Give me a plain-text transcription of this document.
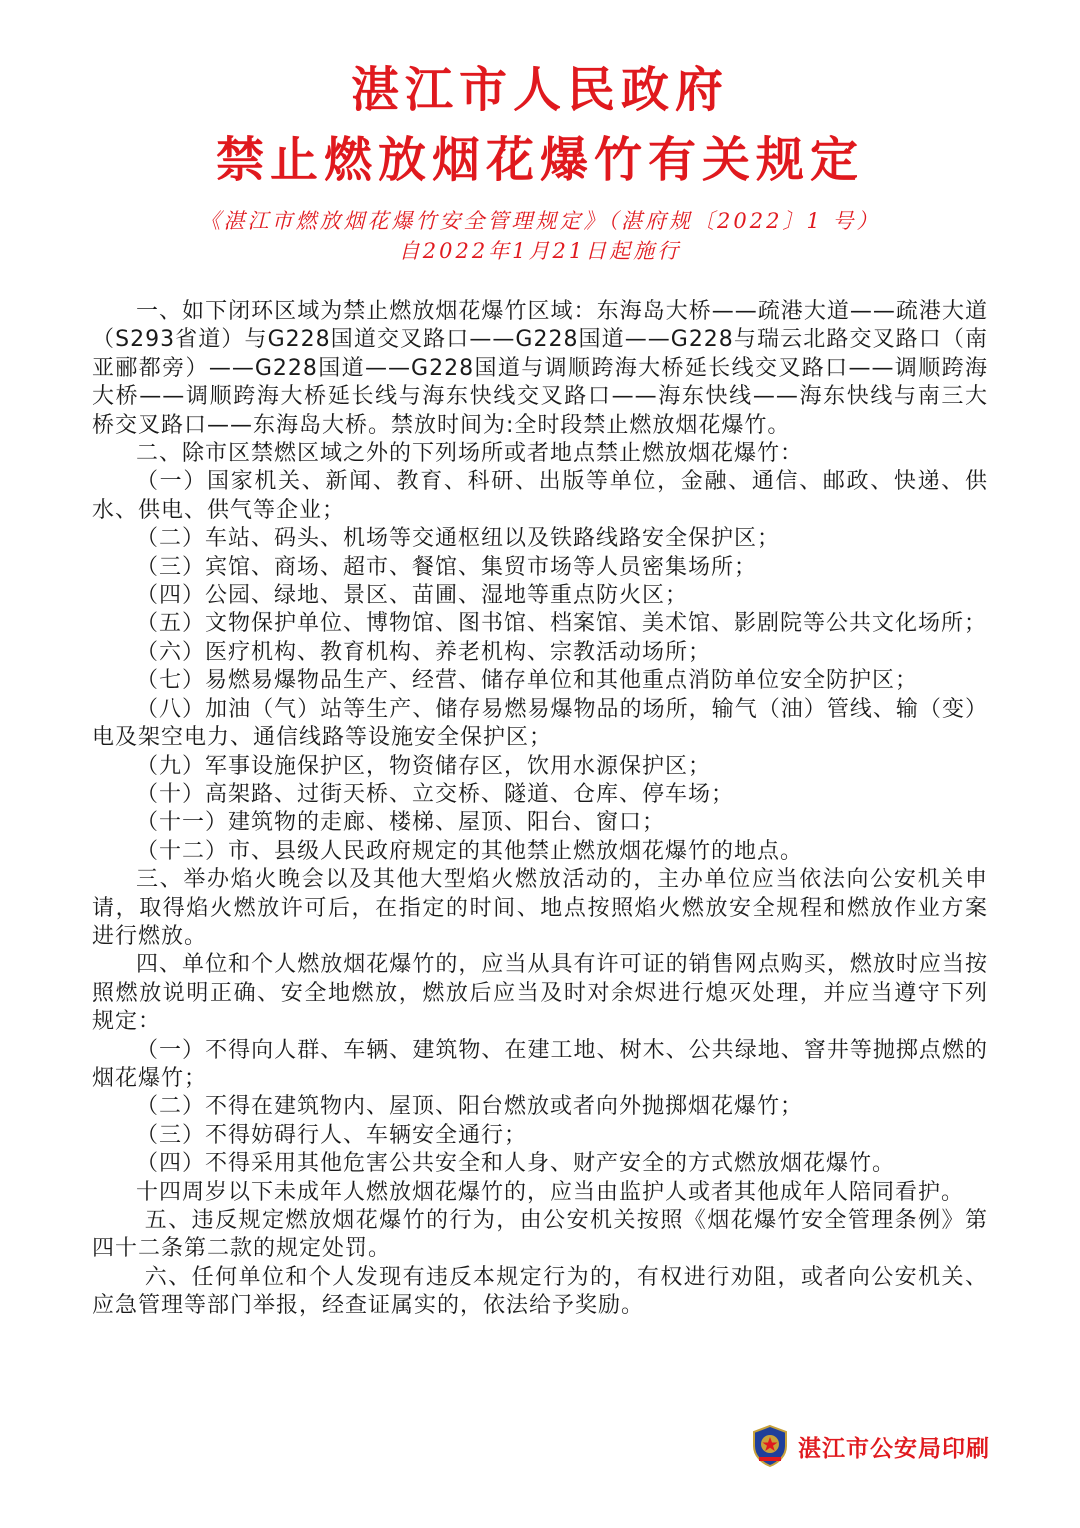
湛江市人民政府
禁止燃放烟花爆竹有关规定
《湛江市燃放烟花爆竹安全管理规定》（湛府规〔2022〕1 号）
自2022年1月21日起施行

一、如下闭环区域为禁止燃放烟花爆竹区域：东海岛大桥——疏港大道——疏港大道（S293省道）与G228国道交叉路口——G228国道——G228与瑞云北路交叉路口（南亚郦都旁）——G228国道——G228国道与调顺跨海大桥延长线交叉路口——调顺跨海大桥——调顺跨海大桥延长线与海东快线交叉路口——海东快线——海东快线与南三大桥交叉路口——东海岛大桥。禁放时间为:全时段禁止燃放烟花爆竹。

二、除市区禁燃区域之外的下列场所或者地点禁止燃放烟花爆竹：

（一）国家机关、新闻、教育、科研、出版等单位，金融、通信、邮政、快递、供水、供电、供气等企业；

（二）车站、码头、机场等交通枢纽以及铁路线路安全保护区；

（三）宾馆、商场、超市、餐馆、集贸市场等人员密集场所；

（四）公园、绿地、景区、苗圃、湿地等重点防火区；

（五）文物保护单位、博物馆、图书馆、档案馆、美术馆、影剧院等公共文化场所；

（六）医疗机构、教育机构、养老机构、宗教活动场所；

（七）易燃易爆物品生产、经营、储存单位和其他重点消防单位安全防护区；

（八）加油（气）站等生产、储存易燃易爆物品的场所，输气（油）管线、输（变）电及架空电力、通信线路等设施安全保护区；

（九）军事设施保护区，物资储存区，饮用水源保护区；

（十）高架路、过街天桥、立交桥、隧道、仓库、停车场；

（十一）建筑物的走廊、楼梯、屋顶、阳台、窗口；

（十二）市、县级人民政府规定的其他禁止燃放烟花爆竹的地点。

三、举办焰火晚会以及其他大型焰火燃放活动的，主办单位应当依法向公安机关申请，取得焰火燃放许可后，在指定的时间、地点按照焰火燃放安全规程和燃放作业方案进行燃放。

四、单位和个人燃放烟花爆竹的，应当从具有许可证的销售网点购买，燃放时应当按照燃放说明正确、安全地燃放，燃放后应当及时对余烬进行熄灭处理，并应当遵守下列规定：

（一）不得向人群、车辆、建筑物、在建工地、树木、公共绿地、窨井等抛掷点燃的烟花爆竹；

（二）不得在建筑物内、屋顶、阳台燃放或者向外抛掷烟花爆竹；

（三）不得妨碍行人、车辆安全通行；

（四）不得采用其他危害公共安全和人身、财产安全的方式燃放烟花爆竹。

十四周岁以下未成年人燃放烟花爆竹的，应当由监护人或者其他成年人陪同看护。

五、违反规定燃放烟花爆竹的行为，由公安机关按照《烟花爆竹安全管理条例》第四十二条第二款的规定处罚。

六、任何单位和个人发现有违反本规定行为的，有权进行劝阻，或者向公安机关、应急管理等部门举报，经查证属实的，依法给予奖励。

湛江市公安局印刷
